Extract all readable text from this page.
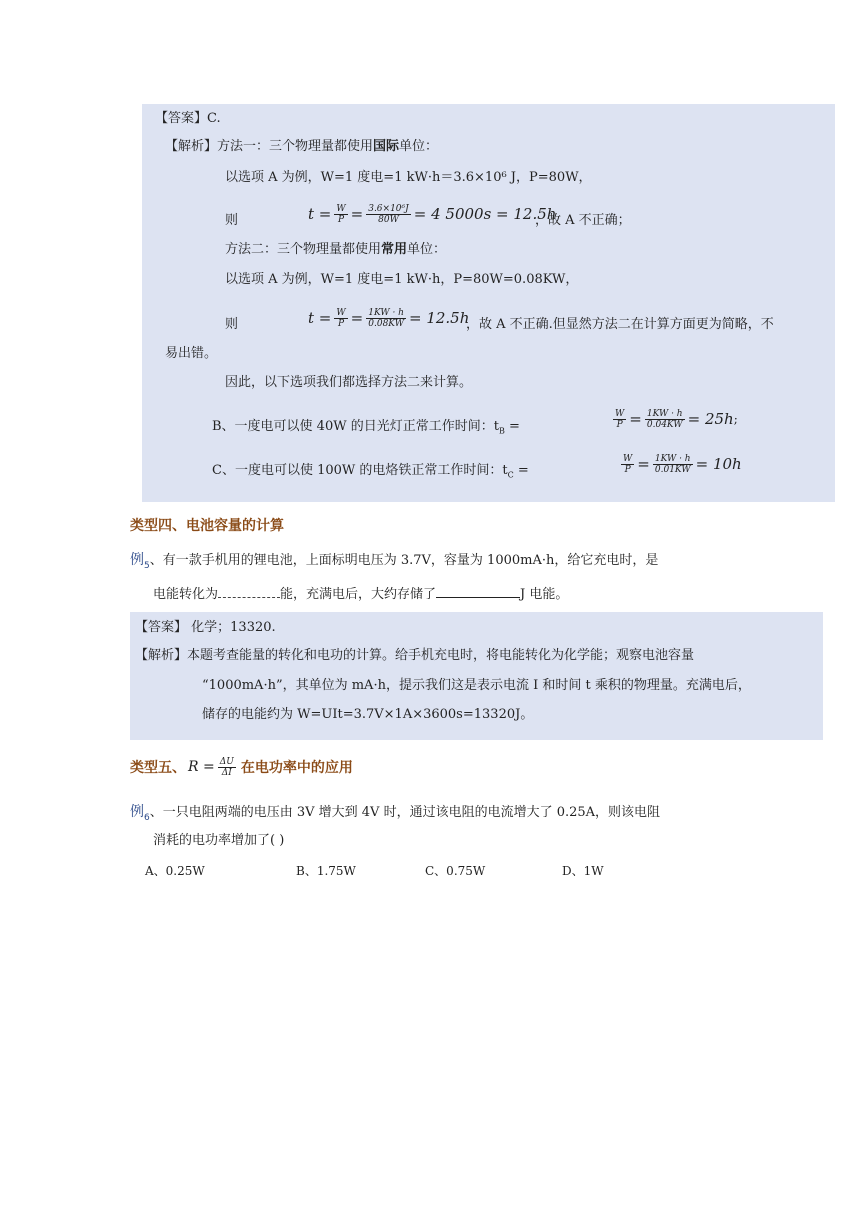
【答案】C.
【解析】方法一：三个物理量都使用国际单位：
以选项 A 为例，W=1 度电=1 kW·h＝3.6×10⁶ J，P=80W，
则	$t = \frac{W}{P} = \frac{\text{3.6×10⁶J}}{80W} = 4$ 5000s = 12.5h
，故 A 不正确；
方法二：三个物理量都使用常用单位：
以选项 A 为例，W=1 度电=1 kW·h，P=80W=0.08KW，
则	$t = \frac{W}{P} = \frac{1KW \cdot h}{0.08KW} = 12.5h$
，故 A 不正确.但显然方法二在计算方面更为简略，不
易出错。
因此，以下选项我们都选择方法二来计算。
B、一度电可以使 40W 的日光灯正常工作时间：$t_B$ =	$\frac{W}{P} = \frac{1KW \cdot h}{0.04KW} = 25h$ ;
C、一度电可以使 100W 的电烙铁正常工作时间：$t_C$ =	$\frac{W}{P} = \frac{1KW \cdot h}{0.01KW} = 10h$
类型四、电池容量的计算
例$_5$、有一款手机用的锂电池，上面标明电压为 3.7V，容量为 1000mA·h，给它充电时，是
电能转化为	能，充满电后，大约存储了	J 电能。
【答案】 化学；13320.
【解析】本题考查能量的转化和电功的计算。给手机充电时，将电能转化为化学能；观察电池容量
“1000mA·h”，其单位为 mA·h，提示我们这是表示电流 I 和时间 t 乘积的物理量。充满电后，
储存的电能约为 W=UIt=3.7V×1A×3600s=13320J。
类型五、 $R = \frac{\Delta U}{\Delta I}$ 在电功率中的应用
例$_6$、一只电阻两端的电压由 3V 增大到 4V 时，通过该电阻的电流增大了 0.25A，则该电阻
消耗的电功率增加了( )
A、0.25W	B、1.75W	C、0.75W	D、1W
